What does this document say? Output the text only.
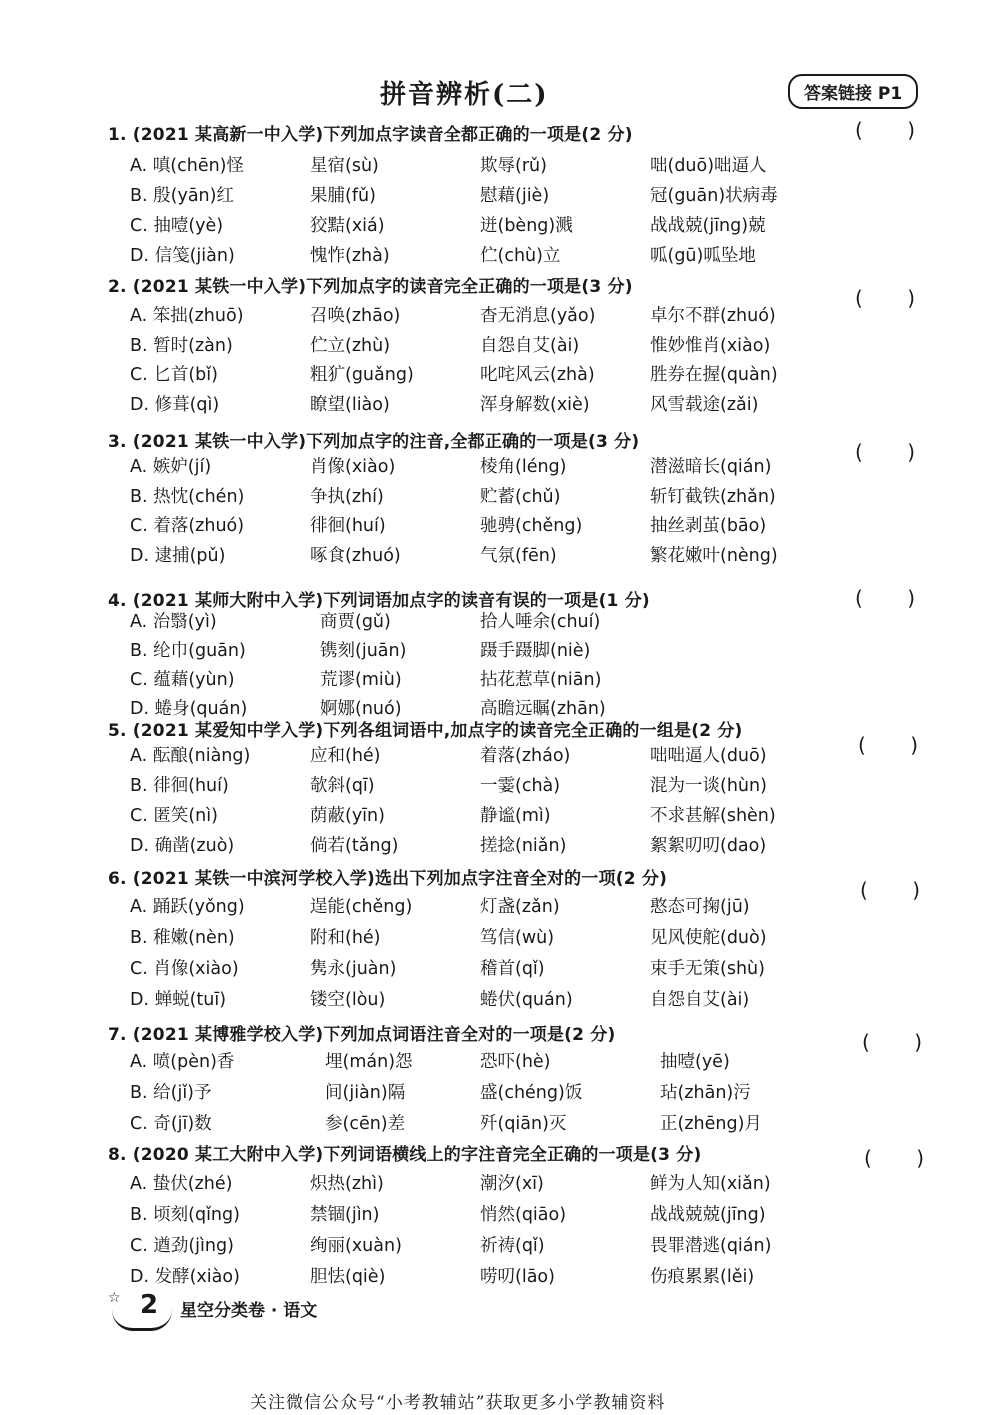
拼音辨析(二)	答案链接 P1
1. (2021 某高新一中入学)下列加点字读音全都正确的一项是(2 分)	(       )
A. 嗔(chēn)怪	星宿(sù)	欺辱(rǔ)	咄(duō)咄逼人
B. 殷(yān)红	果脯(fǔ)	慰藉(jiè)	冠(guān)状病毒
C. 抽噎(yè)	狡黠(xiá)	迸(bèng)溅	战战兢(jīng)兢
D. 信笺(jiàn)	愧怍(zhà)	伫(chù)立	呱(gū)呱坠地
2. (2021 某铁一中入学)下列加点字的读音完全正确的一项是(3 分)	(       )
A. 笨拙(zhuō)	召唤(zhāo)	杳无消息(yǎo)	卓尔不群(zhuó)
B. 暂时(zàn)	伫立(zhù)	自怨自艾(ài)	惟妙惟肖(xiào)
C. 匕首(bǐ)	粗犷(guǎng)	叱咤风云(zhà)	胜券在握(quàn)
D. 修葺(qì)	瞭望(liào)	浑身解数(xiè)	风雪载途(zǎi)
3. (2021 某铁一中入学)下列加点字的注音,全都正确的一项是(3 分)	(       )
A. 嫉妒(jí)	肖像(xiào)	棱角(léng)	潜滋暗长(qián)
B. 热忱(chén)	争执(zhí)	贮蓄(chǔ)	斩钉截铁(zhǎn)
C. 着落(zhuó)	徘徊(huí)	驰骋(chěng)	抽丝剥茧(bāo)
D. 逮捕(pǔ)	啄食(zhuó)	气氛(fēn)	繁花嫩叶(nèng)
4. (2021 某师大附中入学)下列词语加点字的读音有误的一项是(1 分)	(       )
A. 治翳(yì)	商贾(gǔ)	拾人唾余(chuí)
B. 纶巾(guān)	镌刻(juān)	蹑手蹑脚(niè)
C. 蕴藉(yùn)	荒谬(miù)	拈花惹草(niān)
D. 蜷身(quán)	婀娜(nuó)	高瞻远瞩(zhān)
5. (2021 某爱知中学入学)下列各组词语中,加点字的读音完全正确的一组是(2 分)
(       )
A. 酝酿(niàng)	应和(hé)	着落(zháo)	咄咄逼人(duō)
B. 徘徊(huí)	欹斜(qī)	一霎(chà)	混为一谈(hùn)
C. 匿笑(nì)	荫蔽(yīn)	静谧(mì)	不求甚解(shèn)
D. 确凿(zuò)	倘若(tǎng)	搓捻(niǎn)	絮絮叨叨(dao)
6. (2021 某铁一中滨河学校入学)选出下列加点字注音全对的一项(2 分)	(       )
A. 踊跃(yǒng)	逞能(chěng)	灯盏(zǎn)	憨态可掬(jū)
B. 稚嫩(nèn)	附和(hé)	笃信(wù)	见风使舵(duò)
C. 肖像(xiào)	隽永(juàn)	稽首(qǐ)	束手无策(shù)
D. 蝉蜕(tuī)	镂空(lòu)	蜷伏(quán)	自怨自艾(ài)
7. (2021 某博雅学校入学)下列加点词语注音全对的一项是(2 分)	(       )
A. 喷(pèn)香	埋(mán)怨	恐吓(hè)	抽噎(yē)
B. 给(jǐ)予	间(jiàn)隔	盛(chéng)饭	玷(zhān)污
C. 奇(jī)数	参(cēn)差	歼(qiān)灭	正(zhēng)月
8. (2020 某工大附中入学)下列词语横线上的字注音完全正确的一项是(3 分)	(       )
A. 蛰伏(zhé)	炽热(zhì)	潮汐(xī)	鲜为人知(xiǎn)
B. 顷刻(qǐng)	禁锢(jìn)	悄然(qiāo)	战战兢兢(jīng)
C. 遒劲(jìng)	绚丽(xuàn)	祈祷(qǐ)	畏罪潜逃(qián)
D. 发酵(xiào)	胆怯(qiè)	唠叨(lāo)	伤痕累累(lěi)
☆ 2 星空分类卷 · 语文
关注微信公众号“小考教辅站”获取更多小学教辅资料
